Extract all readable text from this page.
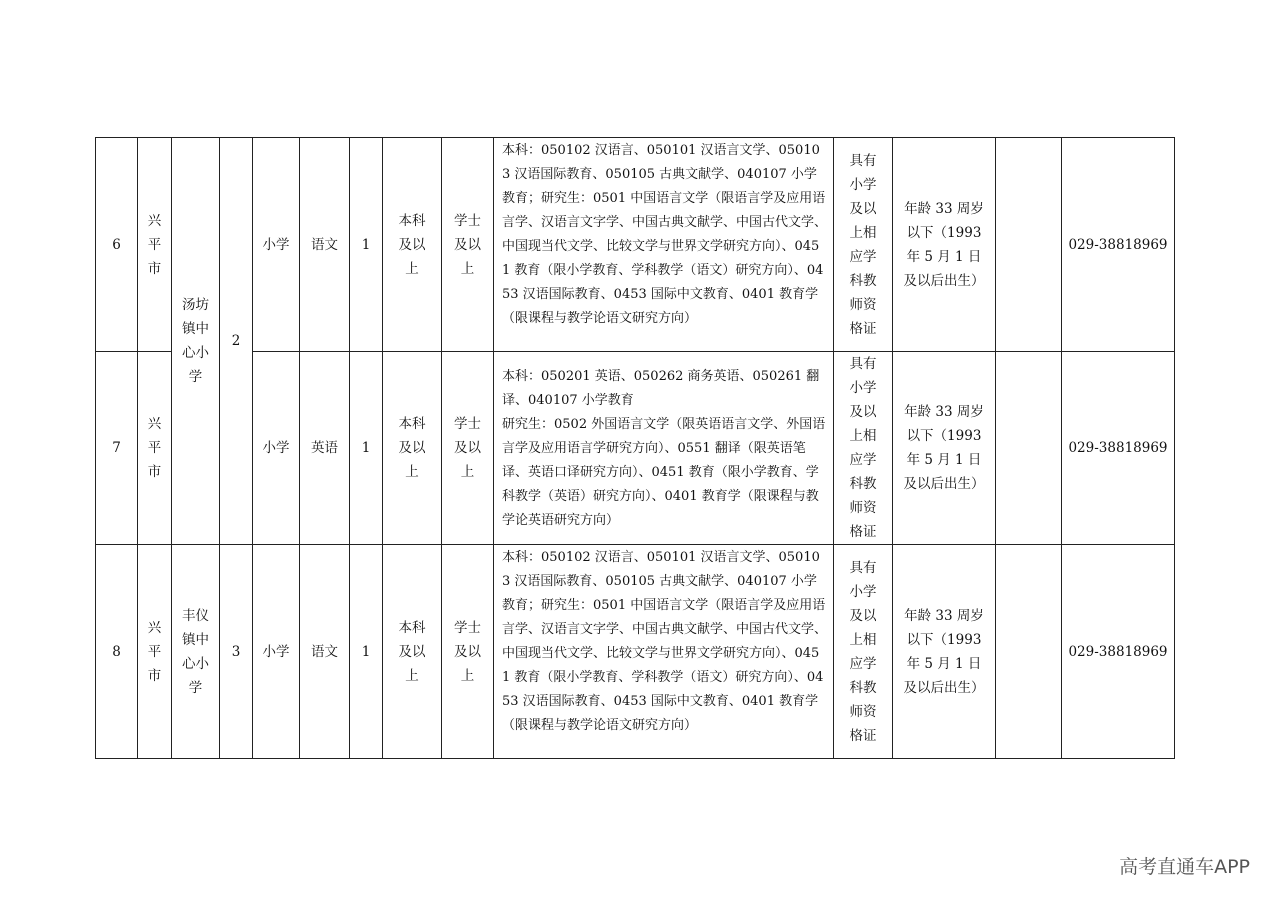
6	兴平市	汤坊镇中心小学	2	小学	语文	1	本科及以上	学士及以上	本科：050102 汉语言、050101 汉语言文学、050103 汉语国际教育、050105 古典文献学、040107 小学教育；研究生：0501 中国语言文学（限语言学及应用语言学、汉语言文字学、中国古典文献学、中国古代文学、中国现当代文学、比较文学与世界文学研究方向）、0451 教育（限小学教育、学科教学（语文）研究方向）、0453 汉语国际教育、0453 国际中文教育、0401 教育学（限课程与教学论语文研究方向）	具有小学及以上相应学科教师资格证	年龄 33 周岁以下（1993 年 5 月 1 日及以后出生）		029-38818969
7	兴平市			小学	英语	1	本科及以上	学士及以上	本科：050201 英语、050262 商务英语、050261 翻译、040107 小学教育
研究生：0502 外国语言文学（限英语语言文学、外国语言学及应用语言学研究方向）、0551 翻译（限英语笔译、英语口译研究方向）、0451 教育（限小学教育、学科教学（英语）研究方向）、0401 教育学（限课程与教学论英语研究方向）	具有小学及以上相应学科教师资格证	年龄 33 周岁以下（1993 年 5 月 1 日及以后出生）		029-38818969
8	兴平市	丰仪镇中心小学	3	小学	语文	1	本科及以上	学士及以上	本科：050102 汉语言、050101 汉语言文学、050103 汉语国际教育、050105 古典文献学、040107 小学教育；研究生：0501 中国语言文学（限语言学及应用语言学、汉语言文字学、中国古典文献学、中国古代文学、中国现当代文学、比较文学与世界文学研究方向）、0451 教育（限小学教育、学科教学（语文）研究方向）、0453 汉语国际教育、0453 国际中文教育、0401 教育学（限课程与教学论语文研究方向）	具有小学及以上相应学科教师资格证	年龄 33 周岁以下（1993 年 5 月 1 日及以后出生）		029-38818969
高考直通车APP
